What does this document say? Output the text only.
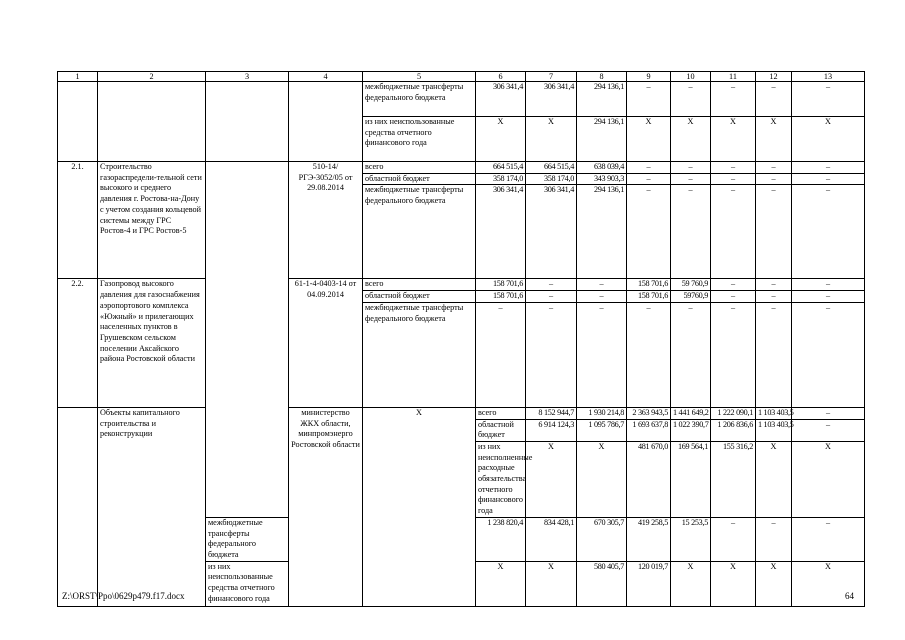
1	2	3	4	5	6	7	8	9	10	11	12	13	
				межбюджетные трансферты федерального бюджета	306 341,4	306 341,4	294 136,1	–	–	–	–	–	
				из них неиспользованные средства отчетного финансового года	Х	Х	294 136,1	Х	Х	Х	Х	Х	
2.1.	Строительство газораспредели-тельной сети высокого и среднего давления г. Ростова-на-Дону с учетом создания кольцевой системы между ГРС Ростов-4 и ГРС Ростов-5		510-14/РГЭ-3052/05 от 29.08.2014	всего	664 515,4	664 515,4	638 039,4	–	–	–	–	–	
				областной бюджет	358 174,0	358 174,0	343 903,3	–	–	–	–	–	
				межбюджетные трансферты федерального бюджета	306 341,4	306 341,4	294 136,1	–	–	–	–	–	
2.2.	Газопровод высокого давления для газоснабжения аэропортового комплекса «Южный» и прилегающих населенных пунктов в Грушевском сельском поселении Аксайского района Ростовской области		61-1-4-0403-14 от 04.09.2014	всего	158 701,6	–	–	158 701,6	59 760,9	–	–	–	
				областной бюджет	158 701,6	–	–	158 701,6	59760,9	–	–	–	
				межбюджетные трансферты федерального бюджета	–	–	–	–	–	–	–	–	
	Объекты капитального строительства и реконструкции		министерство ЖКХ области, минпромэнерго Ростовской области	Х	всего	8 152 944,7	1 930 214,8	2 363 943,5	1 441 649,2	1 222 090,1	1 103 403,5	–	
					областной бюджет	6 914 124,3	1 095 786,7	1 693 637,8	1 022 390,7	1 206 836,6	1 103 403,5	–	
					из них неисполненные расходные обязательства отчетного финансового года	Х	Х	481 670,0	169 564,1	155 316,2	Х	Х	
		межбюджетные трансферты федерального бюджета			1 238 820,4	834 428,1	670 305,7	419 258,5	15 253,5	–	–	–	
		из них неиспользованные средства отчетного финансового года			Х	Х	580 405,7	120 019,7	Х	Х	Х	Х	
Z:\ORST\Ppo\0629p479.f17.docx	64
